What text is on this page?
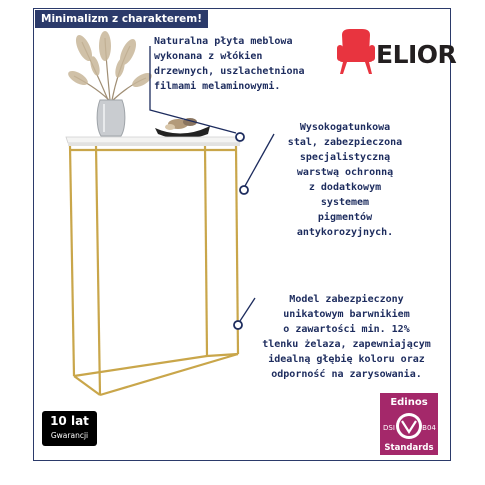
Minimalizm z charakterem!
Naturalna płyta meblowa
wykonana z włókien
drzewnych, uszlachetniona
filmami melaminowymi.
Wysokogatunkowa
stal, zabezpieczona
specjalistyczną
warstwą ochronną
z dodatkowym
systemem
pigmentów
antykorozyjnych.
Model zabezpieczony
unikatowym barwnikiem
o zawartości min. 12%
tlenku żelaza, zapewniającym
idealną głębię koloru oraz
odporność na zarysowania.
ELIOR
10 lat
Gwarancji
Edinos
DSI	B04
Standards
